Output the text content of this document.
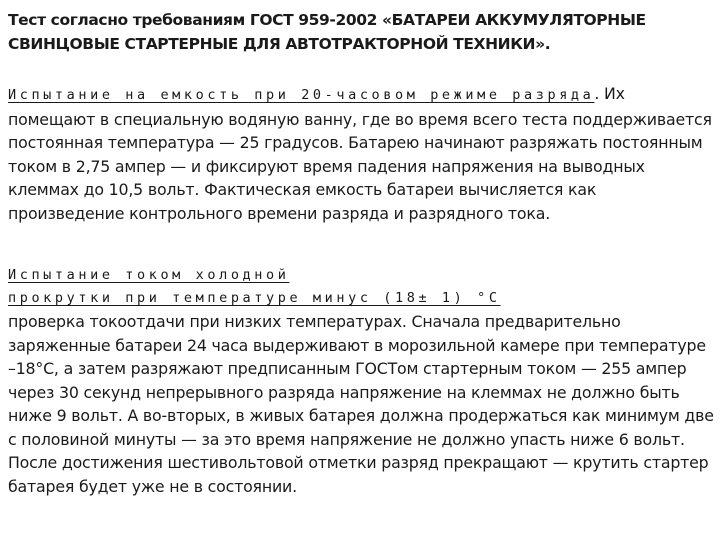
Тест согласно требованиям ГОСТ 959-2002 «БАТАРЕИ АККУМУЛЯТОРНЫЕ СВИНЦОВЫЕ СТАРТЕРНЫЕ ДЛЯ АВТОТРАКТОРНОЙ ТЕХНИКИ».
Испытание на емкость при 20-часовом режиме разряда. Их помещают в специальную водяную ванну, где во время всего теста поддерживается постоянная температура — 25 градусов. Батарею начинают разряжать постоянным током в 2,75 ампер — и фиксируют время падения напряжения на выводных клеммах до 10,5 вольт. Фактическая емкость батареи вычисляется как произведение контрольного времени разряда и разрядного тока.
Испытание током холодной
прокрутки при температуре минус (18± 1) °С
проверка токоотдачи при низких температурах. Сначала предварительно заряженные батареи 24 часа выдерживают в морозильной камере при температуре –18°С, а затем разряжают предписанным ГОСТом стартерным током — 255 ампер через 30 секунд непрерывного разряда напряжение на клеммах не должно быть ниже 9 вольт. А во-вторых, в живых батарея должна продержаться как минимум две с половиной минуты — за это время напряжение не должно упасть ниже 6 вольт. После достижения шестивольтовой отметки разряд прекращают — крутить стартер батарея будет уже не в состоянии.
